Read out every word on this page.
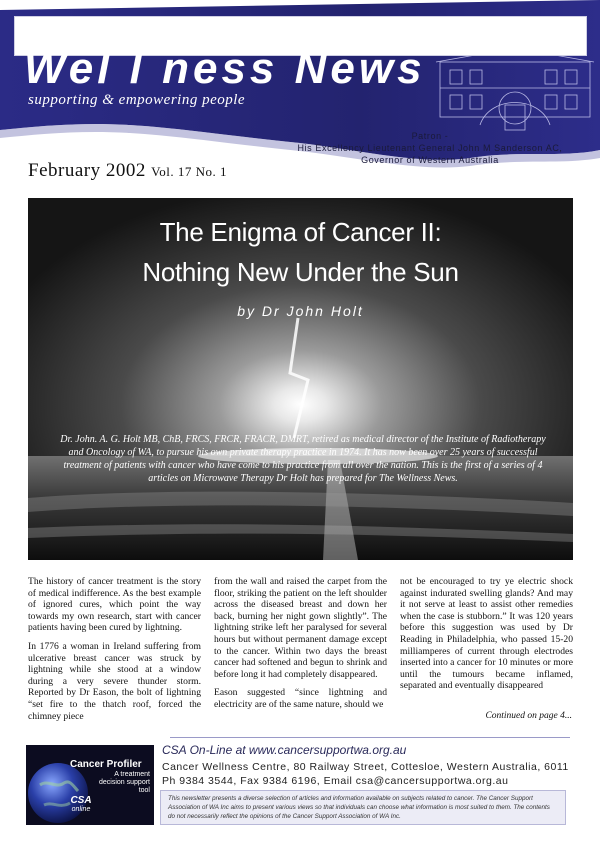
Wel l ness News
supporting & empowering people
Patron -
His Excellency Lieutenant General John M Sanderson AC,
Governor of Western Australia
February 2002 Vol. 17 No. 1
The Enigma of Cancer II:
Nothing New Under the Sun
by Dr John Holt
Dr. John. A. G. Holt MB, ChB, FRCS, FRCR, FRACR, DMRT, retired as medical director of the Institute of Radiotherapy and Oncology of WA, to pursue his own private therapy practice in 1974. It has now been over 25 years of successful treatment of patients with cancer who have come to his practice from all over the nation. This is the first of a series of 4 articles on Microwave Therapy Dr Holt has prepared for The Wellness News.

The history of cancer treatment is the story of medical indifference. As the best example of ignored cures, which point the way towards my own research, start with cancer patients having been cured by lightning.

In 1776 a woman in Ireland suffering from ulcerative breast cancer was struck by lightning while she stood at a window during a very severe thunder storm. Reported by Dr Eason, the bolt of lightning “set fire to the thatch roof, forced the chimney piece

from the wall and raised the carpet from the floor, striking the patient on the left shoulder across the diseased breast and down her back, burning her night gown slightly”. The lightning strike left her paralysed for several hours but without permanent damage except to the cancer. Within two days the breast cancer had softened and begun to shrink and before long it had completely disappeared.

Eason suggested “since lightning and electricity are of the same nature, should we

not be encouraged to try ye electric shock against indurated swelling glands? And may it not serve at least to assist other remedies when the case is stubborn.” It was 120 years before this suggestion was used by Dr Reading in Philadelphia, who passed 15-20 milliamperes of current through electrodes inserted into a cancer for 10 minutes or more until the tumours became inflamed, separated and eventually disappeared

Continued on page 4...
Cancer Profiler
A treatment
decision support
tool
CSA
online
CSA On-Line at www.cancersupportwa.org.au
Cancer Wellness Centre, 80 Railway Street, Cottesloe, Western Australia, 6011
Ph 9384 3544, Fax 9384 6196, Email csa@cancersupportwa.org.au
This newsletter presents a diverse selection of articles and information available on subjects related to cancer. The Cancer Support Association of WA Inc aims to present various views so that individuals can choose what information is most suited to them. The contents do not necessarily reflect the opinions of the Cancer Support Association of WA Inc.
